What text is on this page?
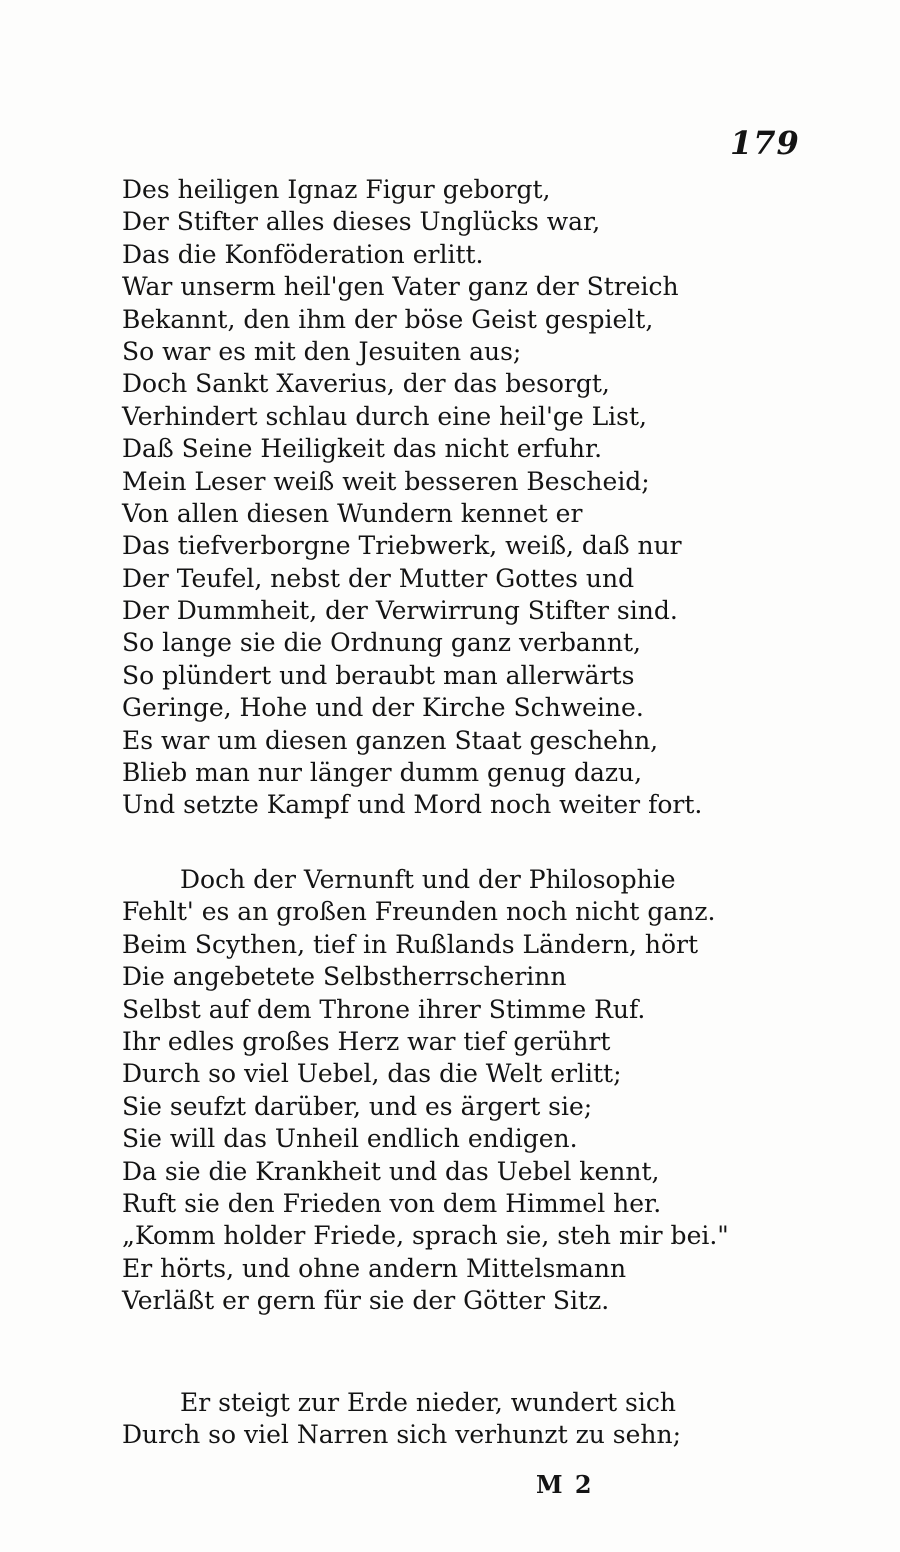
179
Des heiligen Ignaz Figur geborgt,
Der Stifter alles dieses Unglücks war,
Das die Konföderation erlitt.
War unserm heil'gen Vater ganz der Streich
Bekannt, den ihm der böse Geist gespielt,
So war es mit den Jesuiten aus;
Doch Sankt Xaverius, der das besorgt,
Verhindert schlau durch eine heil'ge List,
Daß Seine Heiligkeit das nicht erfuhr.
Mein Leser weiß weit besseren Bescheid;
Von allen diesen Wundern kennet er
Das tiefverborgne Triebwerk, weiß, daß nur
Der Teufel, nebst der Mutter Gottes und
Der Dummheit, der Verwirrung Stifter sind.
So lange sie die Ordnung ganz verbannt,
So plündert und beraubt man allerwärts
Geringe, Hohe und der Kirche Schweine.
Es war um diesen ganzen Staat geschehn,
Blieb man nur länger dumm genug dazu,
Und setzte Kampf und Mord noch weiter fort.
Doch der Vernunft und der Philosophie
Fehlt' es an großen Freunden noch nicht ganz.
Beim Scythen, tief in Rußlands Ländern, hört
Die angebetete Selbstherrscherinn
Selbst auf dem Throne ihrer Stimme Ruf.
Ihr edles großes Herz war tief gerührt
Durch so viel Uebel, das die Welt erlitt;
Sie seufzt darüber, und es ärgert sie;
Sie will das Unheil endlich endigen.
Da sie die Krankheit und das Uebel kennt,
Ruft sie den Frieden von dem Himmel her.
„Komm holder Friede, sprach sie, steh mir bei."
Er hörts, und ohne andern Mittelsmann
Verläßt er gern für sie der Götter Sitz.
Er steigt zur Erde nieder, wundert sich
Durch so viel Narren sich verhunzt zu sehn;
M 2
